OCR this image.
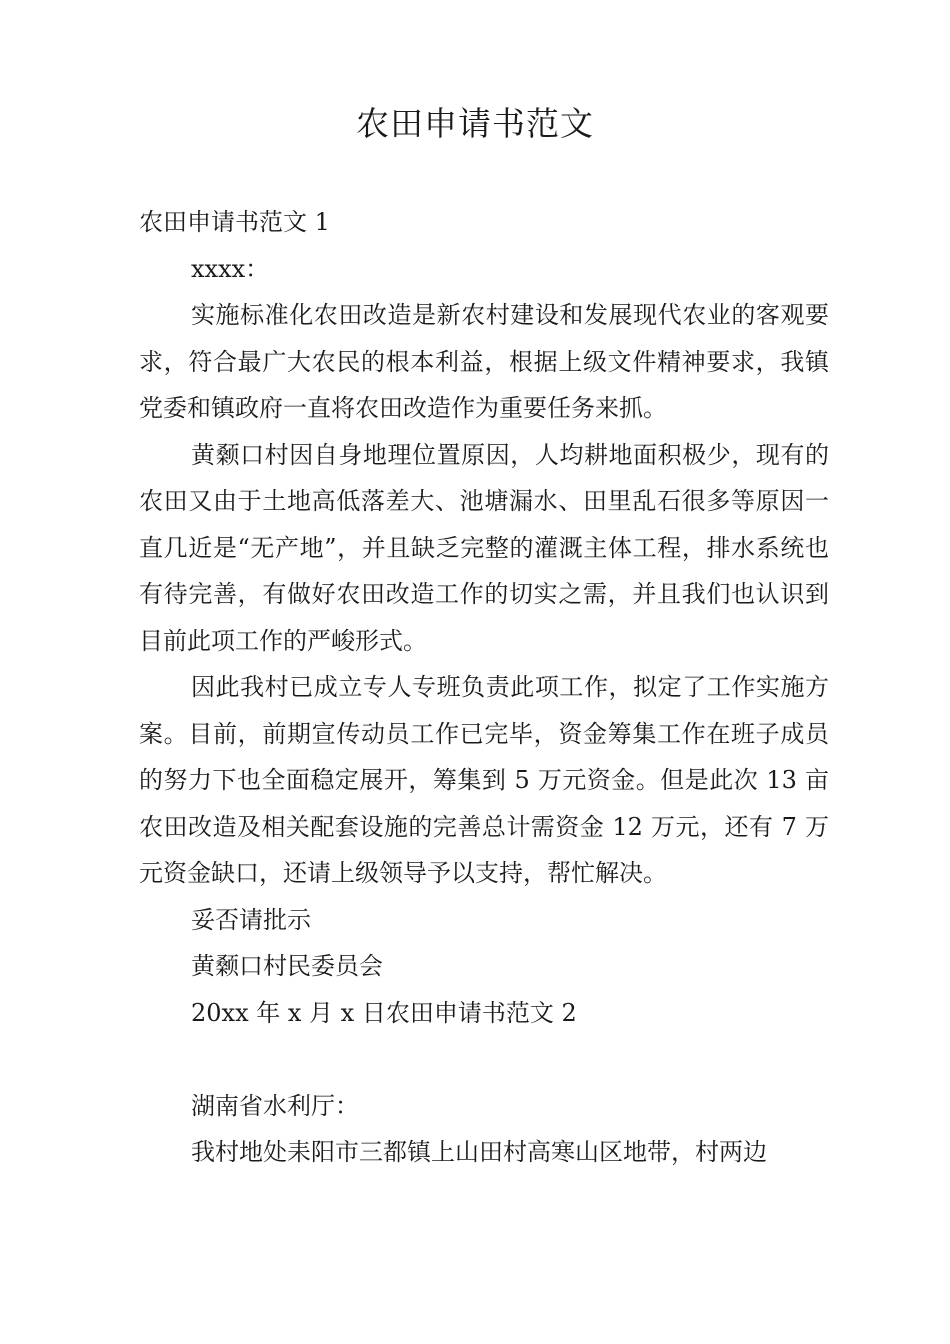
农田申请书范文

农田申请书范文 1

xxxx：

实施标准化农田改造是新农村建设和发展现代农业的客观要求，符合最广大农民的根本利益，根据上级文件精神要求，我镇党委和镇政府一直将农田改造作为重要任务来抓。

黄颡口村因自身地理位置原因，人均耕地面积极少，现有的农田又由于土地高低落差大、池塘漏水、田里乱石很多等原因一直几近是“无产地”，并且缺乏完整的灌溉主体工程，排水系统也有待完善，有做好农田改造工作的切实之需，并且我们也认识到目前此项工作的严峻形式。

因此我村已成立专人专班负责此项工作，拟定了工作实施方案。目前，前期宣传动员工作已完毕，资金筹集工作在班子成员的努力下也全面稳定展开，筹集到 5 万元资金。但是此次 13 亩农田改造及相关配套设施的完善总计需资金 12 万元，还有 7 万元资金缺口，还请上级领导予以支持，帮忙解决。

妥否请批示

黄颡口村民委员会

20xx 年 x 月 x 日农田申请书范文 2

湖南省水利厅：

我村地处耒阳市三都镇上山田村高寒山区地带，村两边
